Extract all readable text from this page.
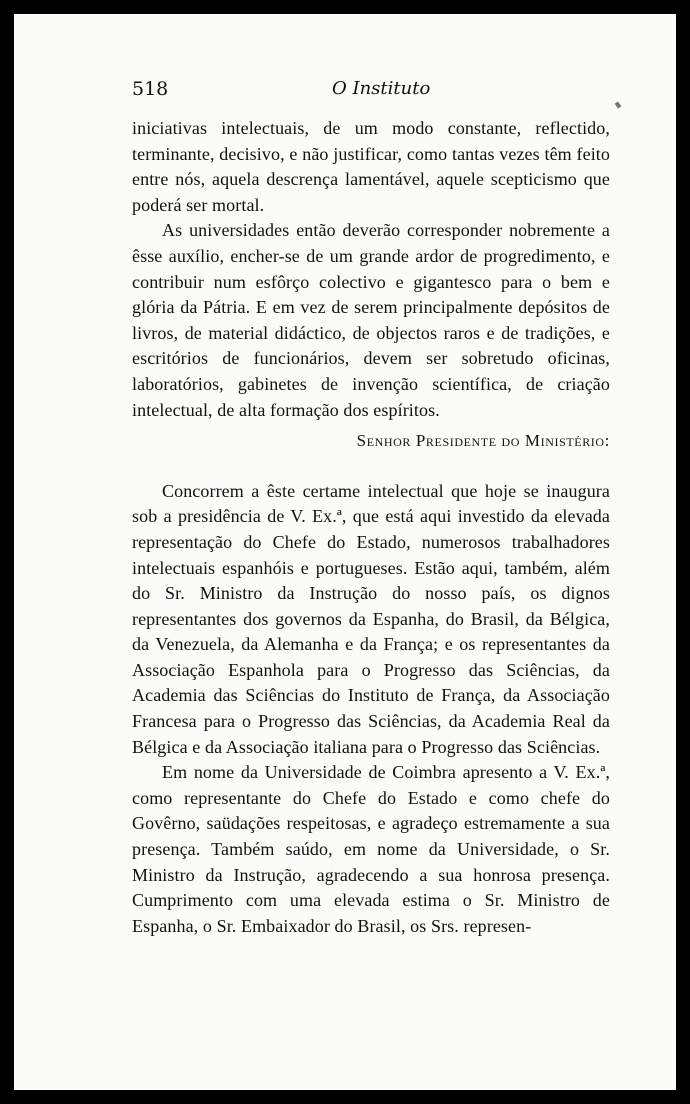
518	O Instituto

iniciativas intelectuais, de um modo constante, reflectido, terminante, decisivo, e não justificar, como tantas vezes têm feito entre nós, aquela descrença lamentável, aquele scepticismo que poderá ser mortal.

As universidades então deverão corresponder nobremente a êsse auxílio, encher-se de um grande ardor de progredimento, e contribuir num esfôrço colectivo e gigantesco para o bem e glória da Pátria. E em vez de serem principalmente depósitos de livros, de material didáctico, de objectos raros e de tradições, e escritórios de funcionários, devem ser sobretudo oficinas, laboratórios, gabinetes de invenção scientífica, de criação intelectual, de alta formação dos espíritos.

Senhor Presidente do Ministério:

Concorrem a êste certame intelectual que hoje se inaugura sob a presidência de V. Ex.ª, que está aqui investido da elevada representação do Chefe do Estado, numerosos trabalhadores intelectuais espanhóis e portugueses. Estão aqui, também, além do Sr. Ministro da Instrução do nosso país, os dignos representantes dos governos da Espanha, do Brasil, da Bélgica, da Venezuela, da Alemanha e da França; e os representantes da Associação Espanhola para o Progresso das Sciências, da Academia das Sciências do Instituto de França, da Associação Francesa para o Progresso das Sciências, da Academia Real da Bélgica e da Associação italiana para o Progresso das Sciências.

Em nome da Universidade de Coimbra apresento a V. Ex.ª, como representante do Chefe do Estado e como chefe do Govêrno, saüdações respeitosas, e agradeço estremamente a sua presença. Também saúdo, em nome da Universidade, o Sr. Ministro da Instrução, agradecendo a sua honrosa presença. Cumprimento com uma elevada estima o Sr. Ministro de Espanha, o Sr. Embaixador do Brasil, os Srs. represen-
